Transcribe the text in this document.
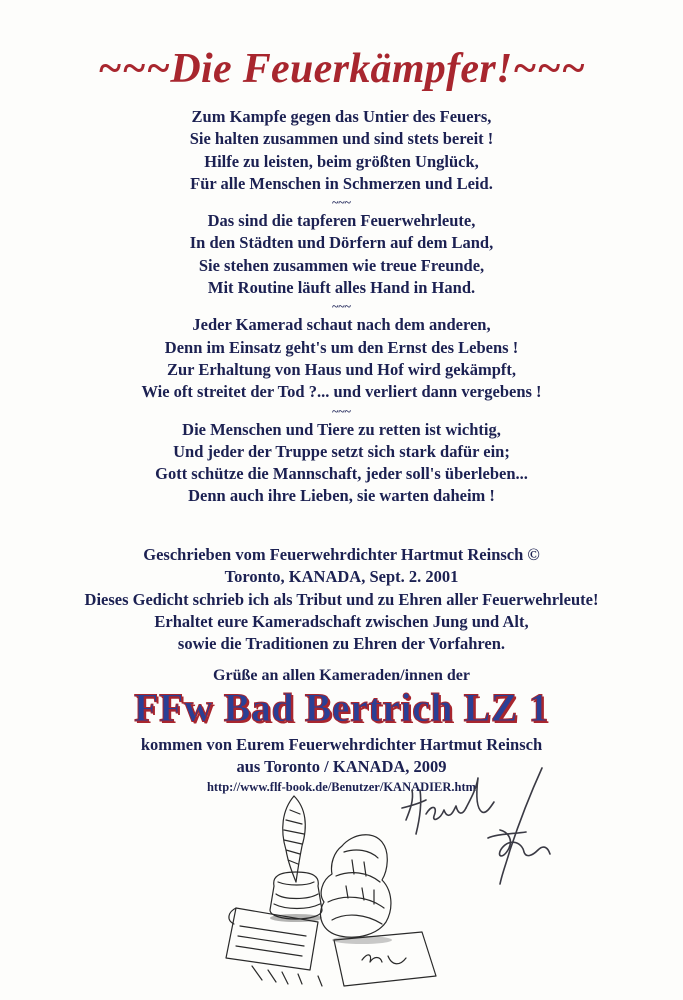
~~~Die Feuerkämpfer!~~~
Zum Kampfe gegen das Untier des Feuers,
Sie halten zusammen und sind stets bereit !
Hilfe zu leisten, beim größten Unglück,
Für alle Menschen in Schmerzen und Leid.
~~~
Das sind die tapferen Feuerwehrleute,
In den Städten und Dörfern auf dem Land,
Sie stehen zusammen wie treue Freunde,
Mit Routine läuft alles Hand in Hand.
~~~
Jeder Kamerad schaut nach dem anderen,
Denn im Einsatz geht's um den Ernst des Lebens !
Zur Erhaltung von Haus und Hof wird gekämpft,
Wie oft streitet der Tod ?... und verliert dann vergebens !
~~~
Die Menschen und Tiere zu retten ist wichtig,
Und jeder der Truppe setzt sich stark dafür ein;
Gott schütze die Mannschaft, jeder soll's überleben...
Denn auch ihre Lieben, sie warten daheim !
Geschrieben vom Feuerwehrdichter Hartmut Reinsch ©
Toronto, KANADA, Sept. 2. 2001
Dieses Gedicht schrieb ich als Tribut und zu Ehren aller Feuerwehrleute!
Erhaltet eure Kameradschaft zwischen Jung und Alt,
sowie die Traditionen zu Ehren der Vorfahren.
Grüße an allen Kameraden/innen der
FFw Bad Bertrich LZ 1
kommen von Eurem Feuerwehrdichter Hartmut Reinsch
aus Toronto / KANADA, 2009
http://www.flf-book.de/Benutzer/KANADIER.htm
